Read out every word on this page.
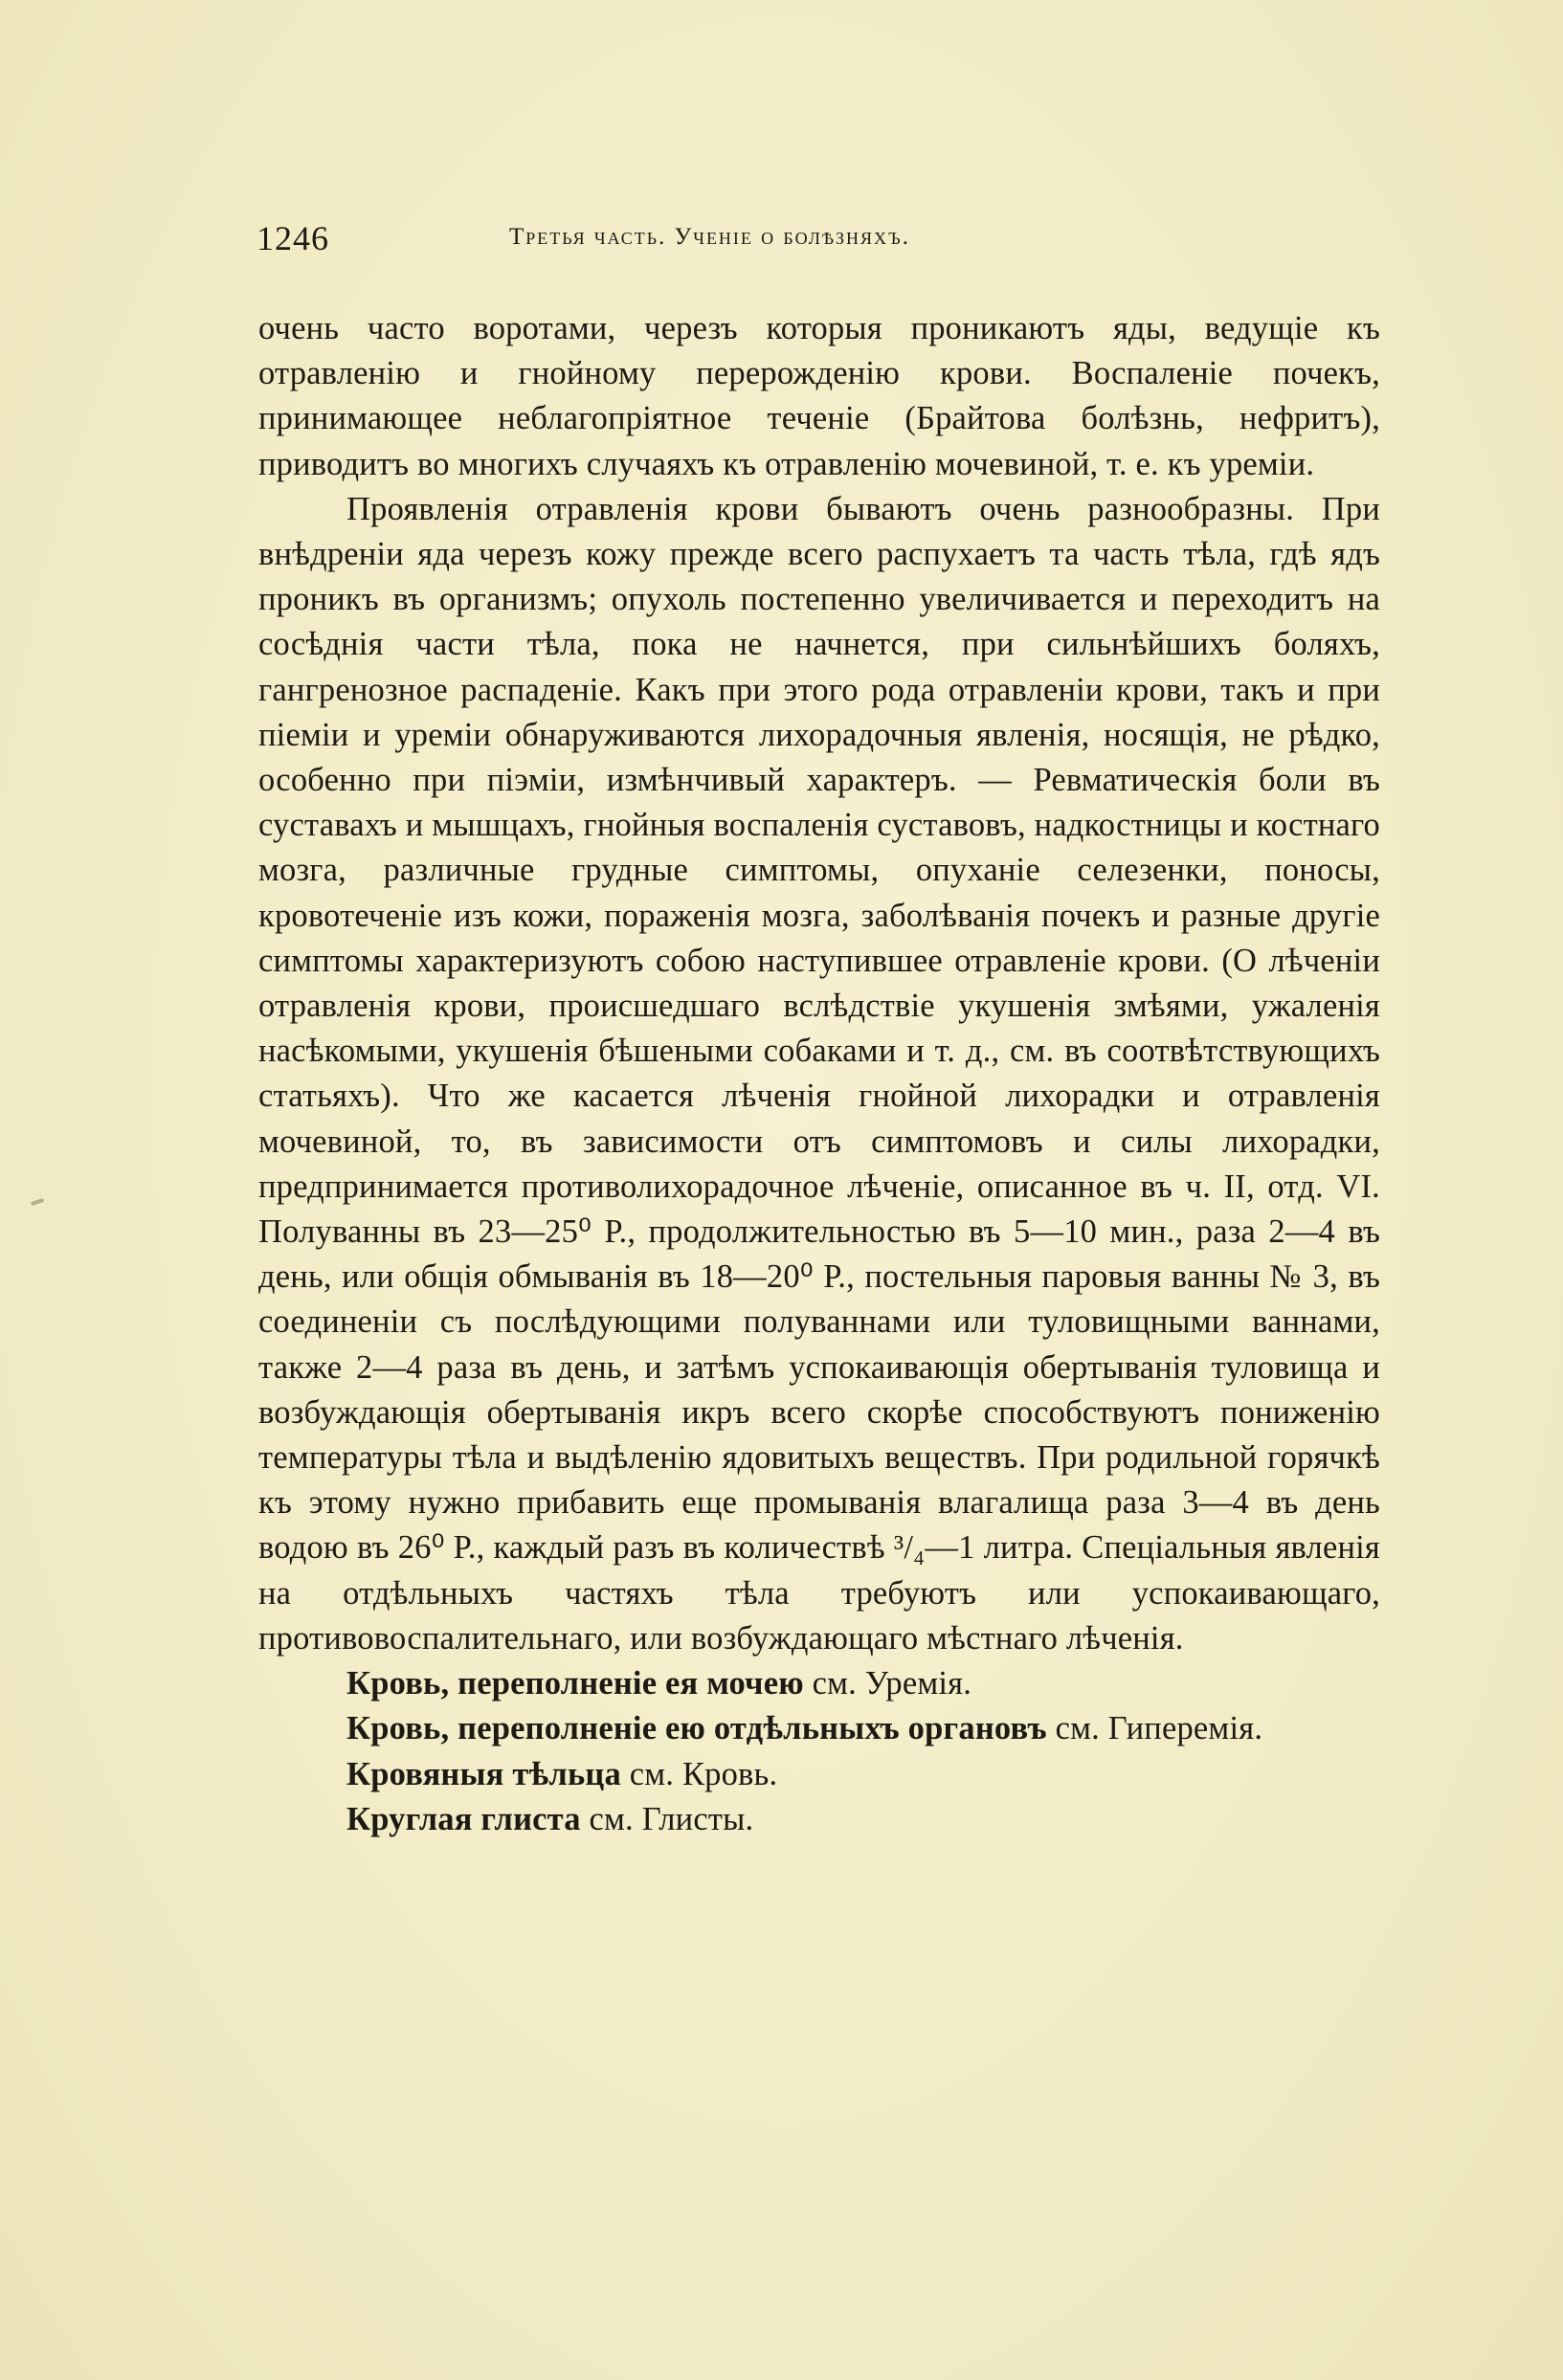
1246	Третья часть. Ученіе о болѣзняхъ.

очень часто воротами, черезъ которыя проникаютъ яды, ведущіе къ отравленію и гнойному перерожденію крови. Воспаленіе почекъ, принимающее неблагопріятное теченіе (Брайтова болѣзнь, нефритъ), приводитъ во многихъ случаяхъ къ отравленію мочевиной, т. е. къ уреміи.

Проявленія отравленія крови бываютъ очень разнообразны. При внѣдреніи яда черезъ кожу прежде всего распухаетъ та часть тѣла, гдѣ ядъ проникъ въ организмъ; опухоль постепенно увеличивается и переходитъ на сосѣднія части тѣла, пока не начнется, при сильнѣйшихъ боляхъ, гангренозное распаденіе. Какъ при этого рода отравленіи крови, такъ и при піеміи и уреміи обнаруживаются лихорадочныя явленія, носящія, не рѣдко, особенно при піэміи, измѣнчивый характеръ. — Ревматическія боли въ суставахъ и мышцахъ, гнойныя воспаленія суставовъ, надкостницы и костнаго мозга, различные грудные симптомы, опуханіе селезенки, поносы, кровотеченіе изъ кожи, пораженія мозга, заболѣванія почекъ и разные другіе симптомы характеризуютъ собою наступившее отравленіе крови. (О лѣченіи отравленія крови, происшедшаго вслѣдствіе укушенія змѣями, ужаленія насѣкомыми, укушенія бѣшеными собаками и т. д., см. въ соотвѣтствующихъ статьяхъ). Что же касается лѣченія гнойной лихорадки и отравленія мочевиной, то, въ зависимости отъ симптомовъ и силы лихорадки, предпринимается противолихорадочное лѣченіе, описанное въ ч. II, отд. VI. Полуванны въ 23—25⁰ Р., продолжительностью въ 5—10 мин., раза 2—4 въ день, или общія обмыванія въ 18—20⁰ Р., постельныя паровыя ванны № 3, въ соединеніи съ послѣдующими полуваннами или туловищными ваннами, также 2—4 раза въ день, и затѣмъ успокаивающія обертыванія туловища и возбуждающія обертыванія икръ всего скорѣе способствуютъ пониженію температуры тѣла и выдѣленію ядовитыхъ веществъ. При родильной горячкѣ къ этому нужно прибавить еще промыванія влагалища раза 3—4 въ день водою въ 26⁰ Р., каждый разъ въ количествѣ ³/₄—1 литра. Спеціальныя явленія на отдѣльныхъ частяхъ тѣла требуютъ или успокаивающаго, противовоспалительнаго, или возбуждающаго мѣстнаго лѣченія.

Кровь, переполненіе ея мочею см. Уремія.

Кровь, переполненіе ею отдѣльныхъ органовъ см. Гиперемія.

Кровяныя тѣльца см. Кровь.

Круглая глиста см. Глисты.
